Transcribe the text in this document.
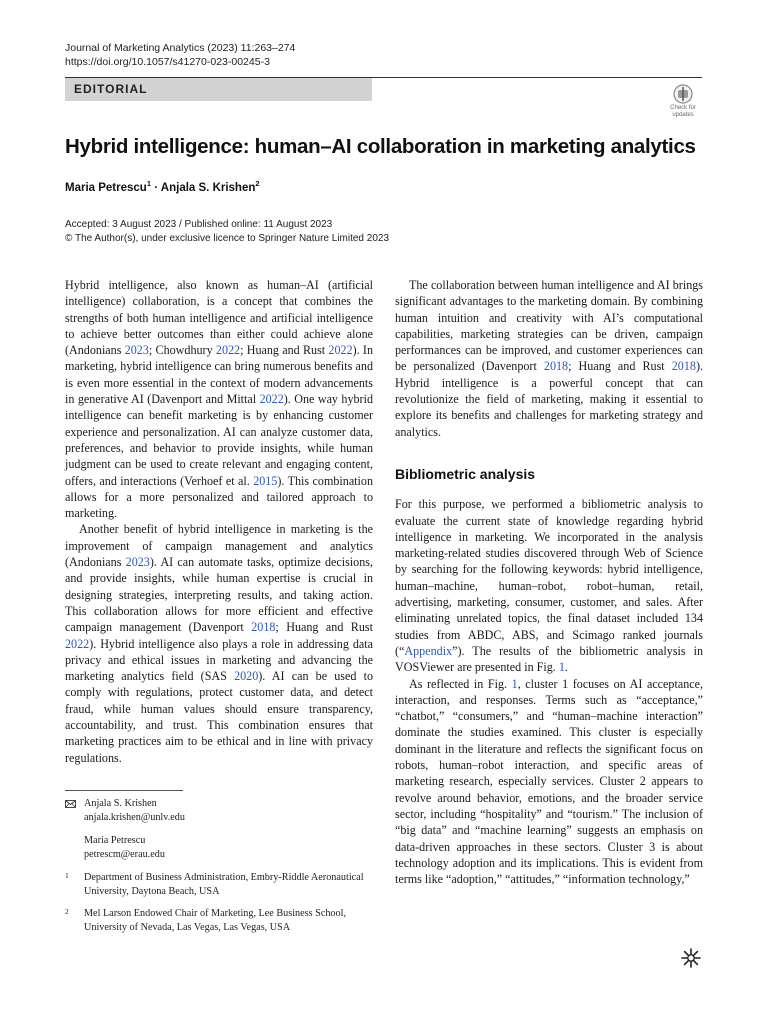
Journal of Marketing Analytics (2023) 11:263–274
https://doi.org/10.1057/s41270-023-00245-3
EDITORIAL
Check for
updates
Hybrid intelligence: human–AI collaboration in marketing analytics
Maria Petrescu$^1$ · Anjala S. Krishen$^2$
Accepted: 3 August 2023 / Published online: 11 August 2023
© The Author(s), under exclusive licence to Springer Nature Limited 2023

Hybrid intelligence, also known as human–AI (artificial intelligence) collaboration, is a concept that combines the strengths of both human intelligence and artificial intelligence to achieve better outcomes than either could achieve alone (Andonians 2023; Chowdhury 2022; Huang and Rust 2022). In marketing, hybrid intelligence can bring numerous benefits and is even more essential in the context of modern advancements in generative AI (Davenport and Mittal 2022). One way hybrid intelligence can benefit marketing is by enhancing customer experience and personalization. AI can analyze customer data, preferences, and behavior to provide insights, while human judgment can be used to create relevant and engaging content, offers, and interactions (Verhoef et al. 2015). This combination allows for a more personalized and tailored approach to marketing.

Another benefit of hybrid intelligence in marketing is the improvement of campaign management and analytics (Andonians 2023). AI can automate tasks, optimize decisions, and provide insights, while human expertise is crucial in designing strategies, interpreting results, and taking action. This collaboration allows for more efficient and effective campaign management (Davenport 2018; Huang and Rust 2022). Hybrid intelligence also plays a role in addressing data privacy and ethical issues in marketing and advancing the marketing analytics field (SAS 2020). AI can be used to comply with regulations, protect customer data, and detect fraud, while human values should ensure transparency, accountability, and trust. This combination ensures that marketing practices aim to be ethical and in line with privacy regulations.

The collaboration between human intelligence and AI brings significant advantages to the marketing domain. By combining human intuition and creativity with AI’s computational capabilities, marketing strategies can be driven, campaign performances can be improved, and customer experiences can be personalized (Davenport 2018; Huang and Rust 2018). Hybrid intelligence is a powerful concept that can revolutionize the field of marketing, making it essential to explore its benefits and challenges for marketing strategy and analytics.

Bibliometric analysis

For this purpose, we performed a bibliometric analysis to evaluate the current state of knowledge regarding hybrid intelligence in marketing. We incorporated in the analysis marketing-related studies discovered through Web of Science by searching for the following keywords: hybrid intelligence, human–machine, human–robot, robot–human, retail, advertising, marketing, consumer, customer, and sales. After eliminating unrelated topics, the final dataset included 134 studies from ABDC, ABS, and Scimago ranked journals (“Appendix”). The results of the bibliometric analysis in VOSViewer are presented in Fig. 1.

As reflected in Fig. 1, cluster 1 focuses on AI acceptance, interaction, and responses. Terms such as “acceptance,” “chatbot,” “consumers,” and “human–machine interaction” dominate the studies examined. This cluster is especially dominant in the literature and reflects the significant focus on robots, human–robot interaction, and specific areas of marketing research, especially services. Cluster 2 appears to revolve around behavior, emotions, and the broader service sector, including “hospitality” and “tourism.” The inclusion of “big data” and “machine learning” suggests an emphasis on data-driven approaches in these sectors. Cluster 3 is about technology adoption and its implications. This is evident from terms like “adoption,” “attitudes,” “information technology,”

Anjala S. Krishen
anjala.krishen@unlv.edu
Maria Petrescu
petrescm@erau.edu
1 Department of Business Administration, Embry-Riddle Aeronautical University, Daytona Beach, USA
2 Mel Larson Endowed Chair of Marketing, Lee Business School, University of Nevada, Las Vegas, Las Vegas, USA
